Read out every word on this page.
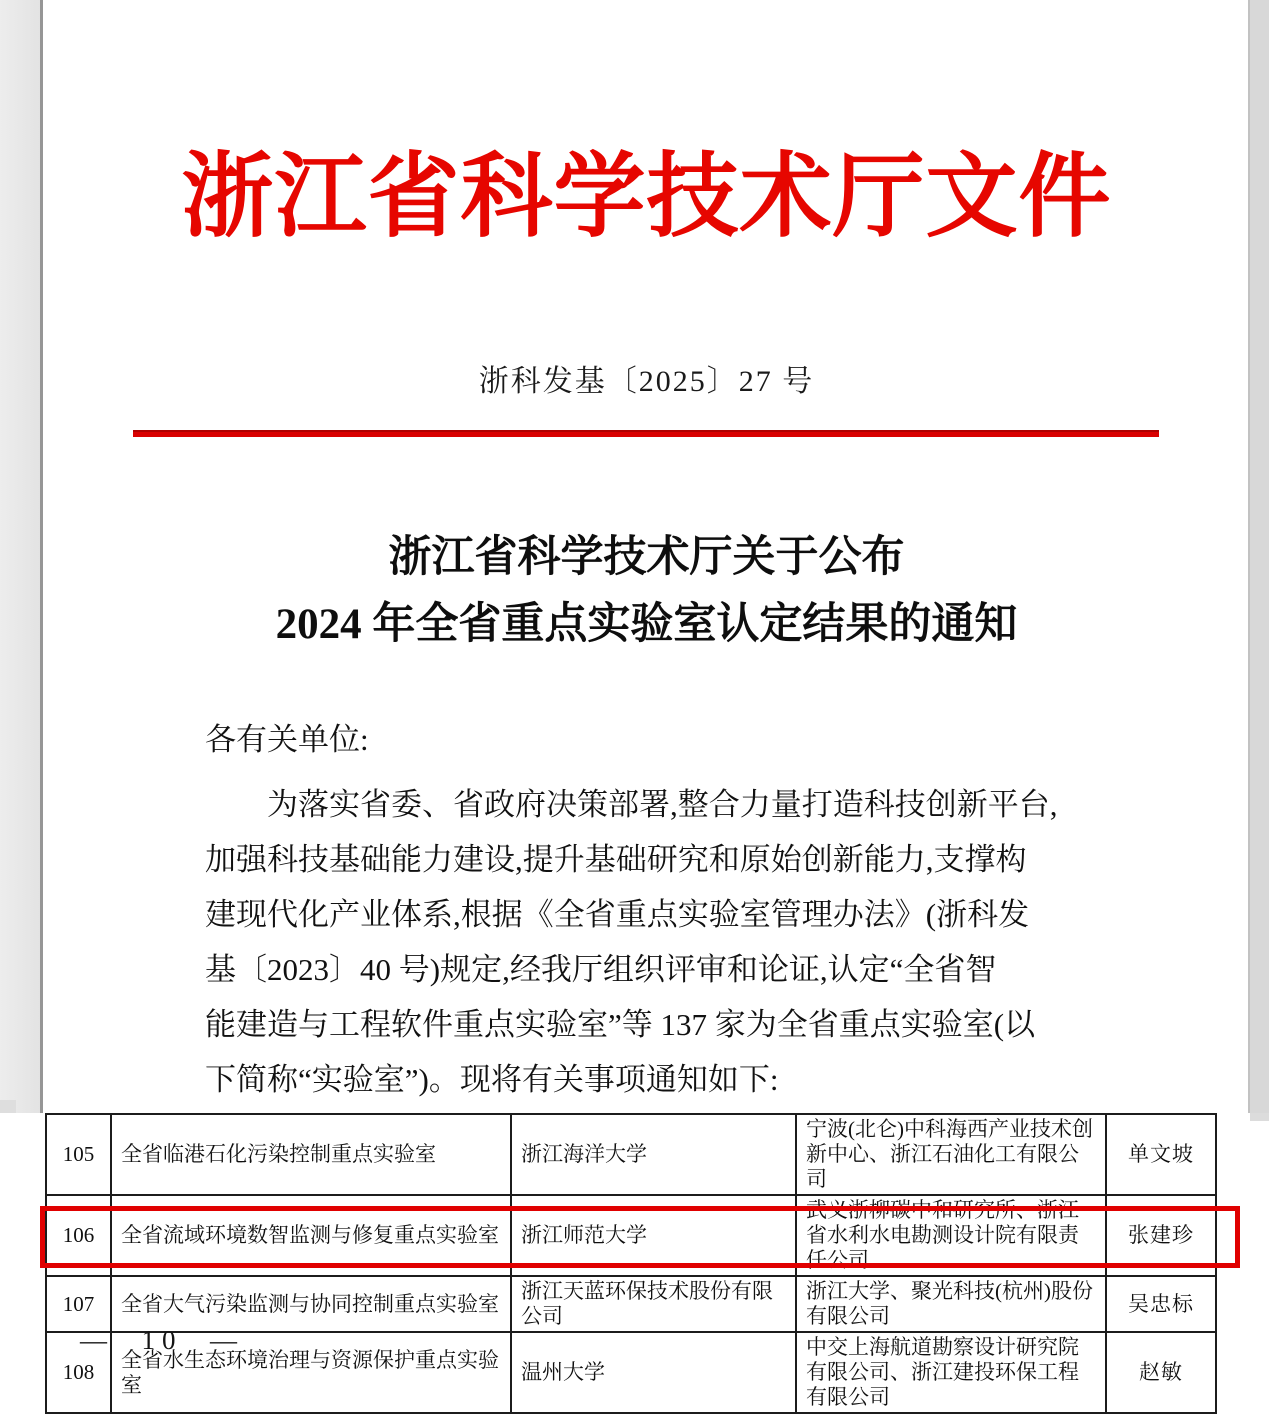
浙江省科学技术厅文件
浙科发基〔2025〕27 号
浙江省科学技术厅关于公布
2024 年全省重点实验室认定结果的通知
各有关单位:
为落实省委、省政府决策部署,整合力量打造科技创新平台,
加强科技基础能力建设,提升基础研究和原始创新能力,支撑构
建现代化产业体系,根据《全省重点实验室管理办法》(浙科发
基〔2023〕40 号)规定,经我厅组织评审和论证,认定“全省智
能建造与工程软件重点实验室”等 137 家为全省重点实验室(以
下简称“实验室”)。现将有关事项通知如下:
105	全省临港石化污染控制重点实验室	浙江海洋大学	宁波(北仑)中科海西产业技术创新中心、浙江石油化工有限公司	单文坡
106	全省流域环境数智监测与修复重点实验室	浙江师范大学	武义浙柳碳中和研究所、浙江省水利水电勘测设计院有限责任公司	张建珍
107	全省大气污染监测与协同控制重点实验室	浙江天蓝环保技术股份有限公司	浙江大学、聚光科技(杭州)股份有限公司	吴忠标
108	全省水生态环境治理与资源保护重点实验室	温州大学	中交上海航道勘察设计研究院有限公司、浙江建投环保工程有限公司	赵敏
—  10  —
